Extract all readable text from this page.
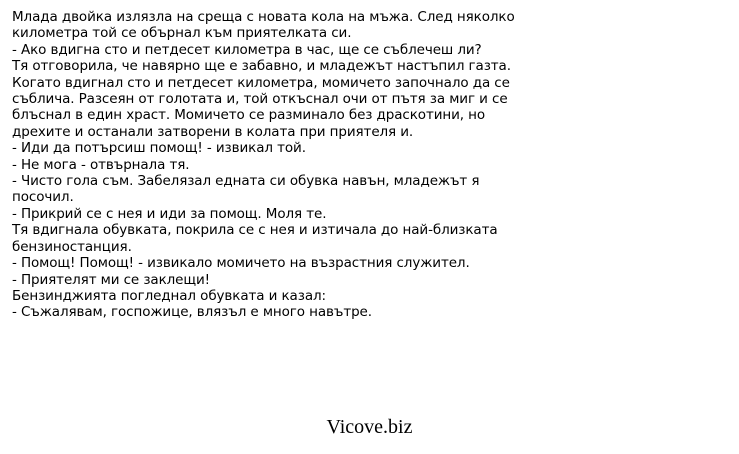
Млада двойка излязла на среща с новата кола на мъжа. След няколко
километра той се обърнал към приятелката си.
- Ако вдигна сто и петдесет километра в час, ще се съблечеш ли?
Тя отговорила, че навярно ще е забавно, и младежът настъпил газта.
Когато вдигнал сто и петдесет километра, момичето започнало да се
съблича. Разсеян от голотата и, той откъснал очи от пътя за миг и се
блъснал в един храст. Момичето се разминало без драскотини, но
дрехите и останали затворени в колата при приятеля и.
- Иди да потърсиш помощ! - извикал той.
- Не мога - отвърнала тя.
- Чисто гола съм. Забелязал едната си обувка навън, младежът я
посочил.
- Прикрий се с нея и иди за помощ. Моля те.
Тя вдигнала обувката, покрила се с нея и изтичала до най-близката
бензиностанция.
- Помощ! Помощ! - извикало момичето на възрастния служител.
- Приятелят ми се заклещи!
Бензинджията погледнал обувката и казал:
- Съжалявам, госпожице, влязъл е много навътре.
Vicove.biz
